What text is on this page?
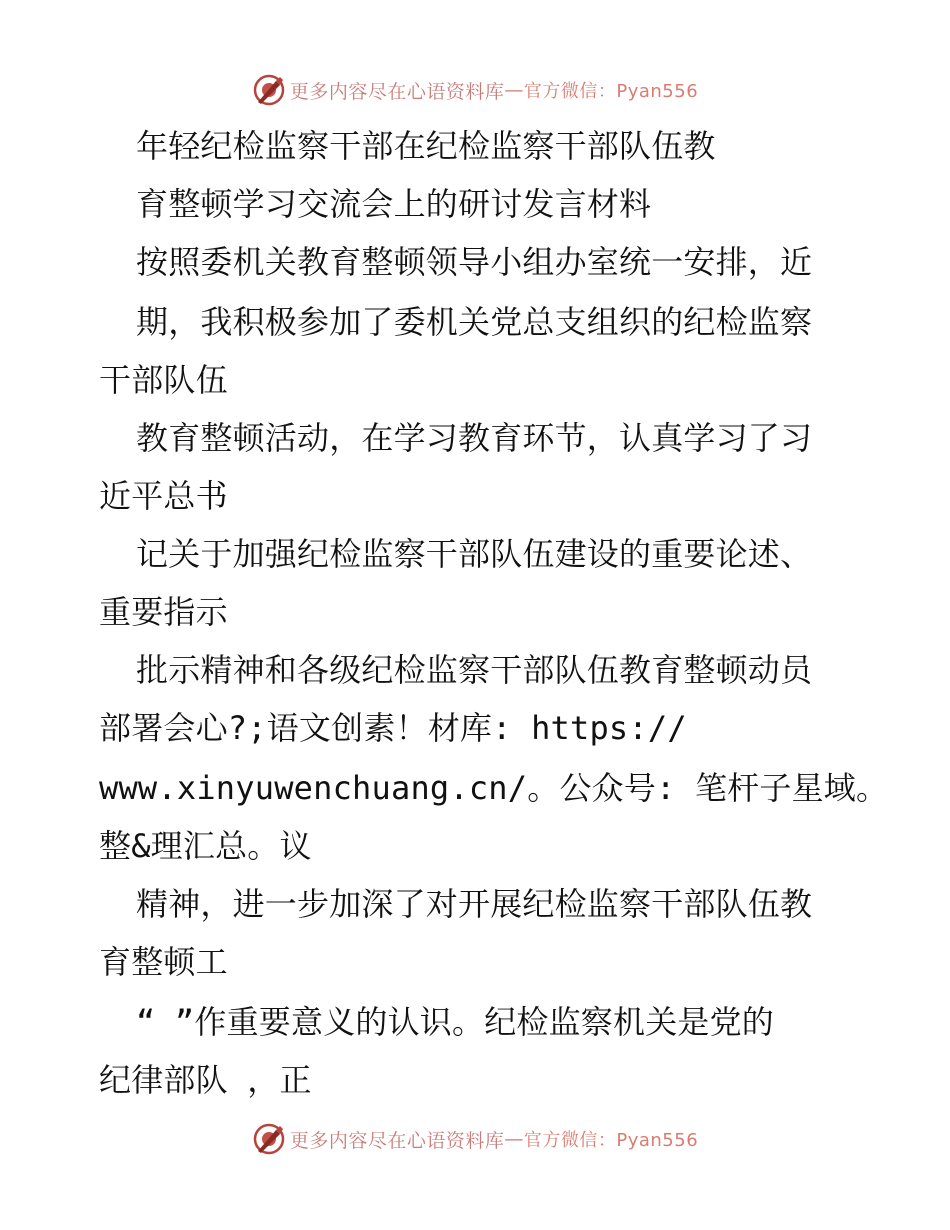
更多内容尽在心语资料库 — 官方微信：Pyan556
年轻纪检监察干部在纪检监察干部队伍教
育整顿学习交流会上的研讨发言材料
按照委机关教育整顿领导小组办室统一安排，近
期，我积极参加了委机关党总支组织的纪检监察
干部队伍
教育整顿活动，在学习教育环节，认真学习了习
近平总书
记关于加强纪检监察干部队伍建设的重要论述、
重要指示
批示精神和各级纪检监察干部队伍教育整顿动员
部署会心?;语文创素！材库: https://
www.xinyuwenchuang.cn/。公众号: 笔杆子星域。
整&理汇总。议
精神，进一步加深了对开展纪检监察干部队伍教
育整顿工
“ ”作重要意义的认识。纪检监察机关是党的
纪律部队 ，正
更多内容尽在心语资料库 — 官方微信：Pyan556
